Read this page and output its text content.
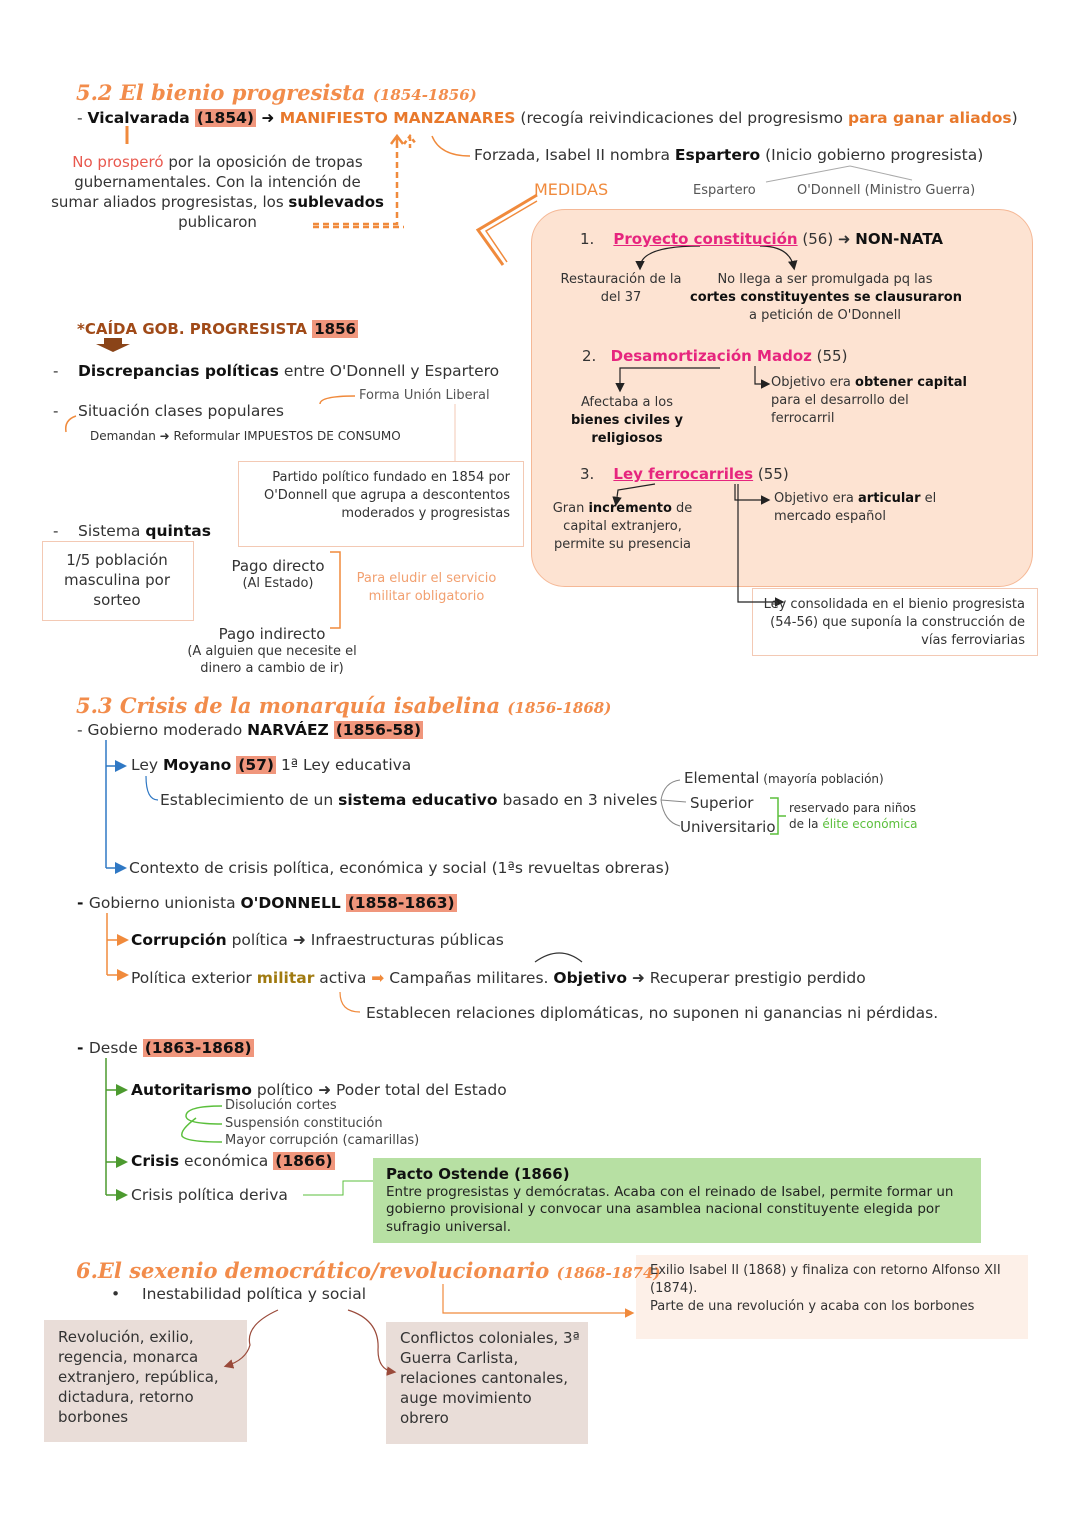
5.2 El bienio progresista (1854-1856)
- Vicalvarada (1854) ➜ MANIFIESTO MANZANARES (recogía reivindicaciones del progresismo para ganar aliados)
Forzada, Isabel II nombra Espartero (Inicio gobierno progresista)
No prosperó por la oposición de tropas gubernamentales. Con la intención de sumar aliados progresistas, los sublevados publicaron
MEDIDAS	Espartero	O'Donnell (Ministro Guerra)
1. Proyecto constitución (56) ➜ NON-NATA
Restauración de la del 37
No llega a ser promulgada pq las
cortes constituyentes se clausuraron
a petición de O'Donnell
2. Desamortización Madoz (55)
Afectaba a los
bienes civiles y
religiosos
Objetivo era obtener capital
para el desarrollo del
ferrocarril
3. Ley ferrocarriles (55)
Gran incremento de
capital extranjero,
permite su presencia
Objetivo era articular el
mercado español
Ley consolidada en el bienio progresista (54-56) que suponía la construcción de vías ferroviarias
*CAÍDA GOB. PROGRESISTA 1856
- Discrepancias políticas entre O'Donnell y Espartero
Forma Unión Liberal
- Situación clases populares
Demandan ➜ Reformular IMPUESTOS DE CONSUMO
Partido político fundado en 1854 por O'Donnell que agrupa a descontentos moderados y progresistas
- Sistema quintas
1/5 población masculina por sorteo
Pago directo
(Al Estado)	Para eludir el servicio militar obligatorio
Pago indirecto
(A alguien que necesite el
dinero a cambio de ir)
5.3 Crisis de la monarquía isabelina (1856-1868)
- Gobierno moderado NARVÁEZ (1856-58)
Ley Moyano (57) 1ª Ley educativa
Establecimiento de un sistema educativo basado en 3 niveles
Elemental (mayoría población)
Superior
Universitario
reservado para niños
de la élite económica
Contexto de crisis política, económica y social (1ªs revueltas obreras)
- Gobierno unionista O'DONNELL (1858-1863)
Corrupción política ➜ Infraestructuras públicas
Política exterior militar activa ➡ Campañas militares. Objetivo ➜ Recuperar prestigio perdido
Establecen relaciones diplomáticas, no suponen ni ganancias ni pérdidas.
- Desde (1863-1868)
Autoritarismo político ➜ Poder total del Estado
Disolución cortes
Suspensión constitución
Mayor corrupción (camarillas)
Crisis económica (1866)
Crisis política deriva
Pacto Ostende (1866)
Entre progresistas y demócratas. Acaba con el reinado de Isabel, permite formar un gobierno provisional y convocar una asamblea nacional constituyente elegida por sufragio universal.
6.El sexenio democrático/revolucionario (1868-1874)
• Inestabilidad política y social
Exilio Isabel II (1868) y finaliza con retorno Alfonso XII (1874).
Parte de una revolución y acaba con los borbones
Revolución, exilio, regencia, monarca extranjero, república, dictadura, retorno borbones
Conflictos coloniales, 3ª Guerra Carlista, relaciones cantonales, auge movimiento obrero
